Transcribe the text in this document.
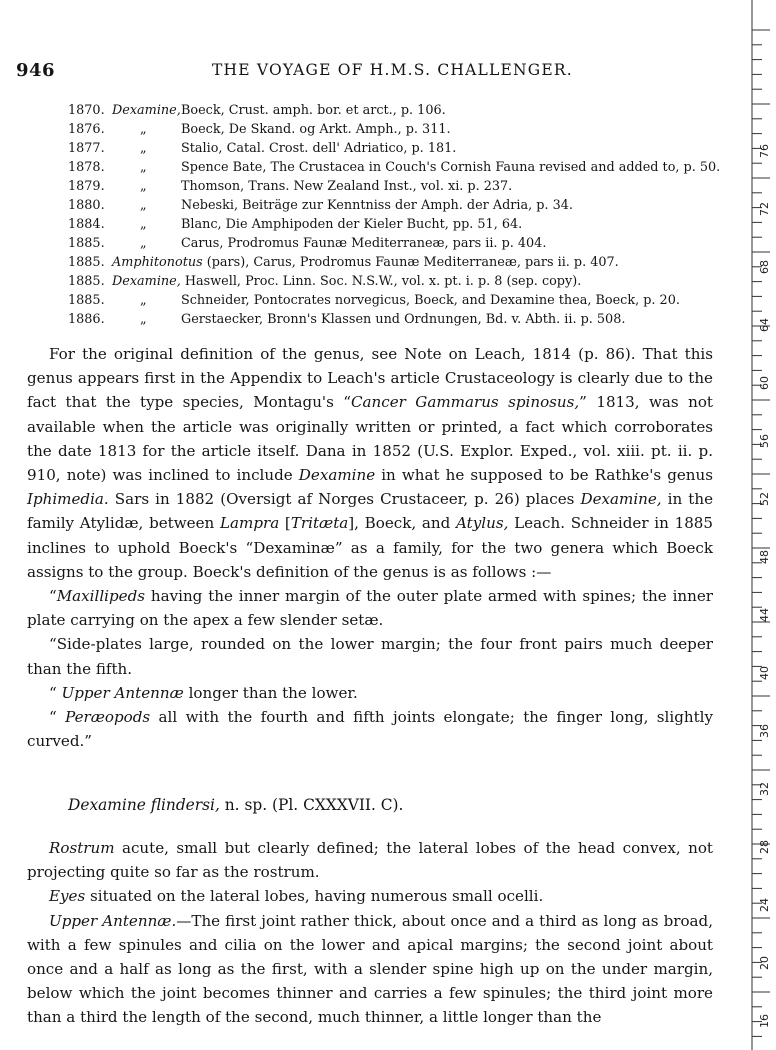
946	THE VOYAGE OF H.M.S. CHALLENGER.
1870. Dexamine, Boeck, Crust. amph. bor. et arct., p. 106.
1876.	„	Boeck, De Skand. og Arkt. Amph., p. 311.
1877.	„	Stalio, Catal. Crost. dell' Adriatico, p. 181.
1878.	„	Spence Bate, The Crustacea in Couch's Cornish Fauna revised and added to, p. 50.
1879.	„	Thomson, Trans. New Zealand Inst., vol. xi. p. 237.
1880.	„	Nebeski, Beiträge zur Kenntniss der Amph. der Adria, p. 34.
1884.	„	Blanc, Die Amphipoden der Kieler Bucht, pp. 51, 64.
1885.	„	Carus, Prodromus Faunæ Mediterraneæ, pars ii. p. 404.
1885. Amphitonotus (pars), Carus, Prodromus Faunæ Mediterraneæ, pars ii. p. 407.
1885. Dexamine, Haswell, Proc. Linn. Soc. N.S.W., vol. x. pt. i. p. 8 (sep. copy).
1885.	„	Schneider, Pontocrates norvegicus, Boeck, and Dexamine thea, Boeck, p. 20.
1886.	„	Gerstaecker, Bronn's Klassen und Ordnungen, Bd. v. Abth. ii. p. 508.

For the original definition of the genus, see Note on Leach, 1814 (p. 86). That this genus appears first in the Appendix to Leach's article Crustaceology is clearly due to the fact that the type species, Montagu's “Cancer Gammarus spinosus,” 1813, was not available when the article was originally written or printed, a fact which corroborates the date 1813 for the article itself. Dana in 1852 (U.S. Explor. Exped., vol. xiii. pt. ii. p. 910, note) was inclined to include Dexamine in what he supposed to be Rathke's genus Iphimedia. Sars in 1882 (Oversigt af Norges Crustaceer, p. 26) places Dexamine, in the family Atylidæ, between Lampra [Tritæta], Boeck, and Atylus, Leach. Schneider in 1885 inclines to uphold Boeck's “Dexaminæ” as a family, for the two genera which Boeck assigns to the group. Boeck's definition of the genus is as follows :—

“Maxillipeds having the inner margin of the outer plate armed with spines; the inner plate carrying on the apex a few slender setæ.

“Side-plates large, rounded on the lower margin; the four front pairs much deeper than the fifth.

“ Upper Antennæ longer than the lower.

“ Peræopods all with the fourth and fifth joints elongate; the finger long, slightly curved.”

Dexamine flindersi, n. sp. (Pl. CXXXVII. C).

Rostrum acute, small but clearly defined; the lateral lobes of the head convex, not projecting quite so far as the rostrum.

Eyes situated on the lateral lobes, having numerous small ocelli.

Upper Antennæ.—The first joint rather thick, about once and a third as long as broad, with a few spinules and cilia on the lower and apical margins; the second joint about once and a half as long as the first, with a slender spine high up on the under margin, below which the joint becomes thinner and carries a few spinules; the third joint more than a third the length of the second, much thinner, a little longer than the

76
72
68
64
60
56
52
48
44
40
36
32
28
24
20
16
